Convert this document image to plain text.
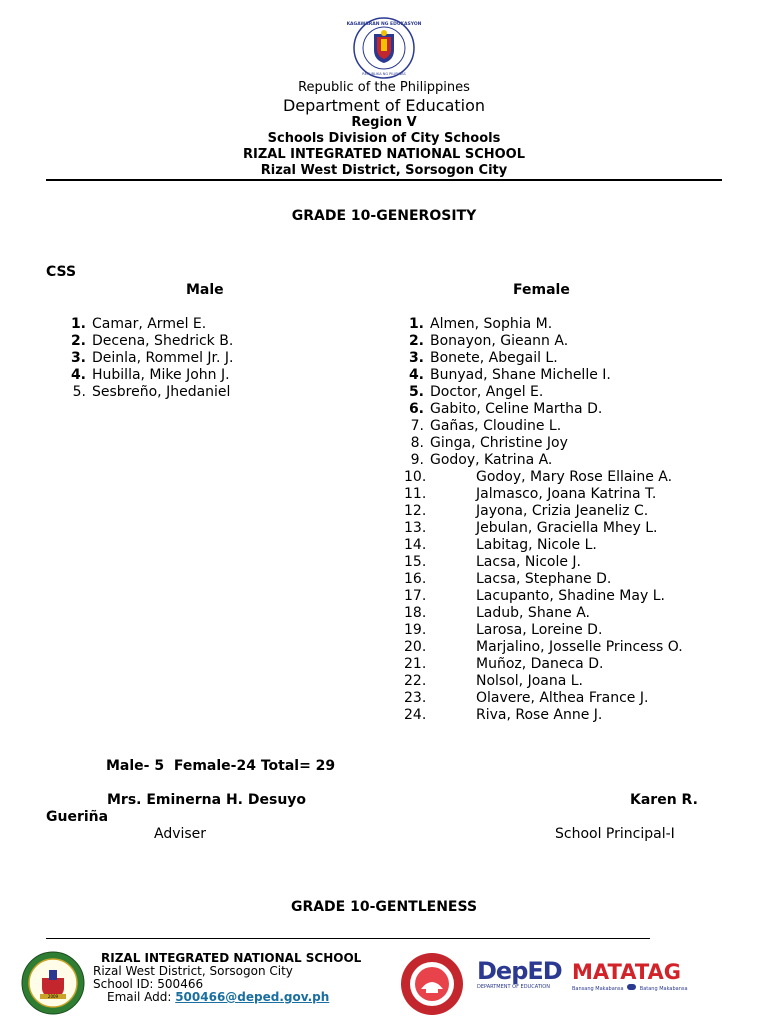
KAGAWARAN NG EDUKASYON
REPUBLIKA NG PILIPINAS
Republic of the Philippines
Department of Education
Region V
Schools Division of City Schools
RIZAL INTEGRATED NATIONAL SCHOOL
Rizal West District, Sorsogon City
GRADE 10-GENEROSITY
CSS
Male	Female
1. Camar, Armel E.
2. Decena, Shedrick B.
3. Deinla, Rommel Jr. J.
4. Hubilla, Mike John J.
5. Sesbreño, Jhedaniel
1. Almen, Sophia M.
2. Bonayon, Gieann A.
3. Bonete, Abegail L.
4. Bunyad, Shane Michelle I.
5. Doctor, Angel E.
6. Gabito, Celine Martha D.
7. Gañas, Cloudine L.
8. Ginga, Christine Joy
9. Godoy, Katrina A.
10.	Godoy, Mary Rose Ellaine A.
11.	Jalmasco, Joana Katrina T.
12.	Jayona, Crizia Jeaneliz C.
13.	Jebulan, Graciella Mhey L.
14.	Labitag, Nicole L.
15.	Lacsa, Nicole J.
16.	Lacsa, Stephane D.
17.	Lacupanto, Shadine May L.
18.	Ladub, Shane A.
19.	Larosa, Loreine D.
20.	Marjalino, Josselle Princess O.
21.	Muñoz, Daneca D.
22.	Nolsol, Joana L.
23.	Olavere, Althea France J.
24.	Riva, Rose Anne J.
Male- 5  Female-24 Total= 29
Mrs. Eminerna H. Desuyo	Karen R.
Gueriña
Adviser	School Principal-I
GRADE 10-GENTLENESS
2009
RIZAL INTEGRATED NATIONAL SCHOOL
Rizal West District, Sorsogon City
School ID: 500466
Email Add: 500466@deped.gov.ph
DepED
DEPARTMENT OF EDUCATION
MATATAG
Bansang Makabansa	Batang Makabansa
